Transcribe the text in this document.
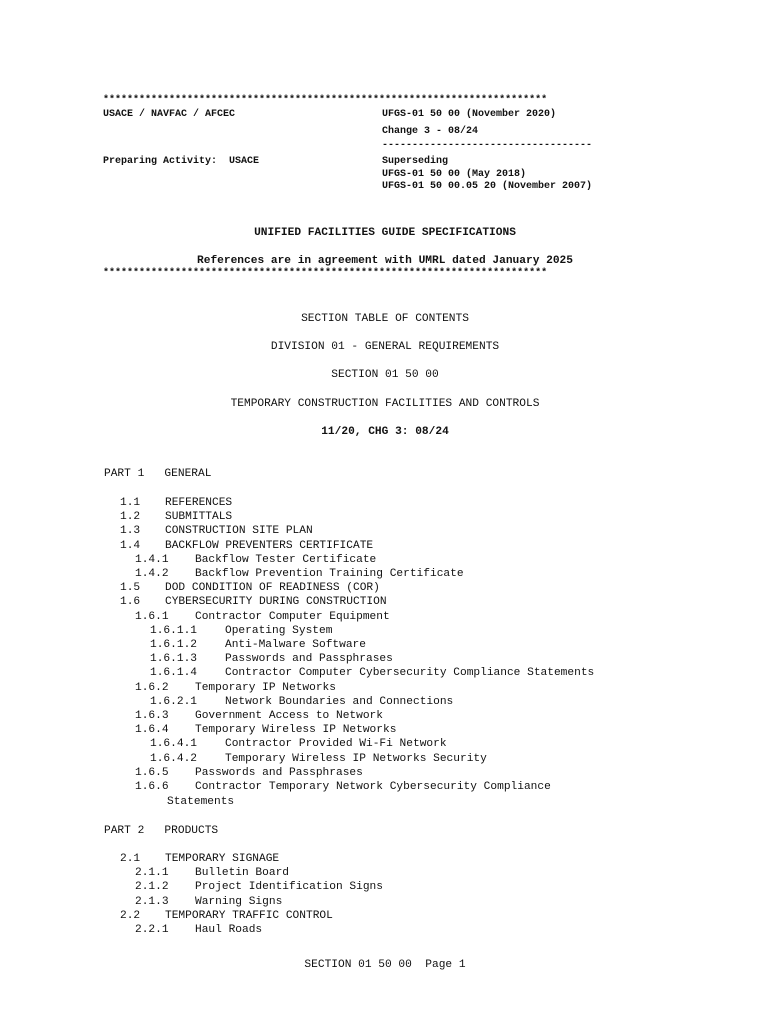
**************************************************************************
USACE / NAVFAC / AFCEC	UFGS-01 50 00 (November 2020)
Change 3 - 08/24
-----------------------------------
Preparing Activity:  USACE	Superseding
UFGS-01 50 00 (May 2018)
UFGS-01 50 00.05 20 (November 2007)
UNIFIED FACILITIES GUIDE SPECIFICATIONS
References are in agreement with UMRL dated January 2025
**************************************************************************
SECTION TABLE OF CONTENTS
DIVISION 01 - GENERAL REQUIREMENTS
SECTION 01 50 00
TEMPORARY CONSTRUCTION FACILITIES AND CONTROLS
11/20, CHG 3: 08/24
PART 1   GENERAL
1.1 REFERENCES
1.2 SUBMITTALS
1.3 CONSTRUCTION SITE PLAN
1.4 BACKFLOW PREVENTERS CERTIFICATE
1.4.1 Backflow Tester Certificate
1.4.2 Backflow Prevention Training Certificate
1.5 DOD CONDITION OF READINESS (COR)
1.6 CYBERSECURITY DURING CONSTRUCTION
1.6.1 Contractor Computer Equipment
1.6.1.1	Operating System
1.6.1.2	Anti-Malware Software
1.6.1.3	Passwords and Passphrases
1.6.1.4	Contractor Computer Cybersecurity Compliance Statements
1.6.2 Temporary IP Networks
1.6.2.1	Network Boundaries and Connections
1.6.3 Government Access to Network
1.6.4 Temporary Wireless IP Networks
1.6.4.1	Contractor Provided Wi-Fi Network
1.6.4.2	Temporary Wireless IP Networks Security
1.6.5 Passwords and Passphrases
1.6.6 Contractor Temporary Network Cybersecurity Compliance
Statements
PART 2   PRODUCTS
2.1 TEMPORARY SIGNAGE
2.1.1 Bulletin Board
2.1.2 Project Identification Signs
2.1.3 Warning Signs
2.2 TEMPORARY TRAFFIC CONTROL
2.2.1 Haul Roads
SECTION 01 50 00  Page 1
